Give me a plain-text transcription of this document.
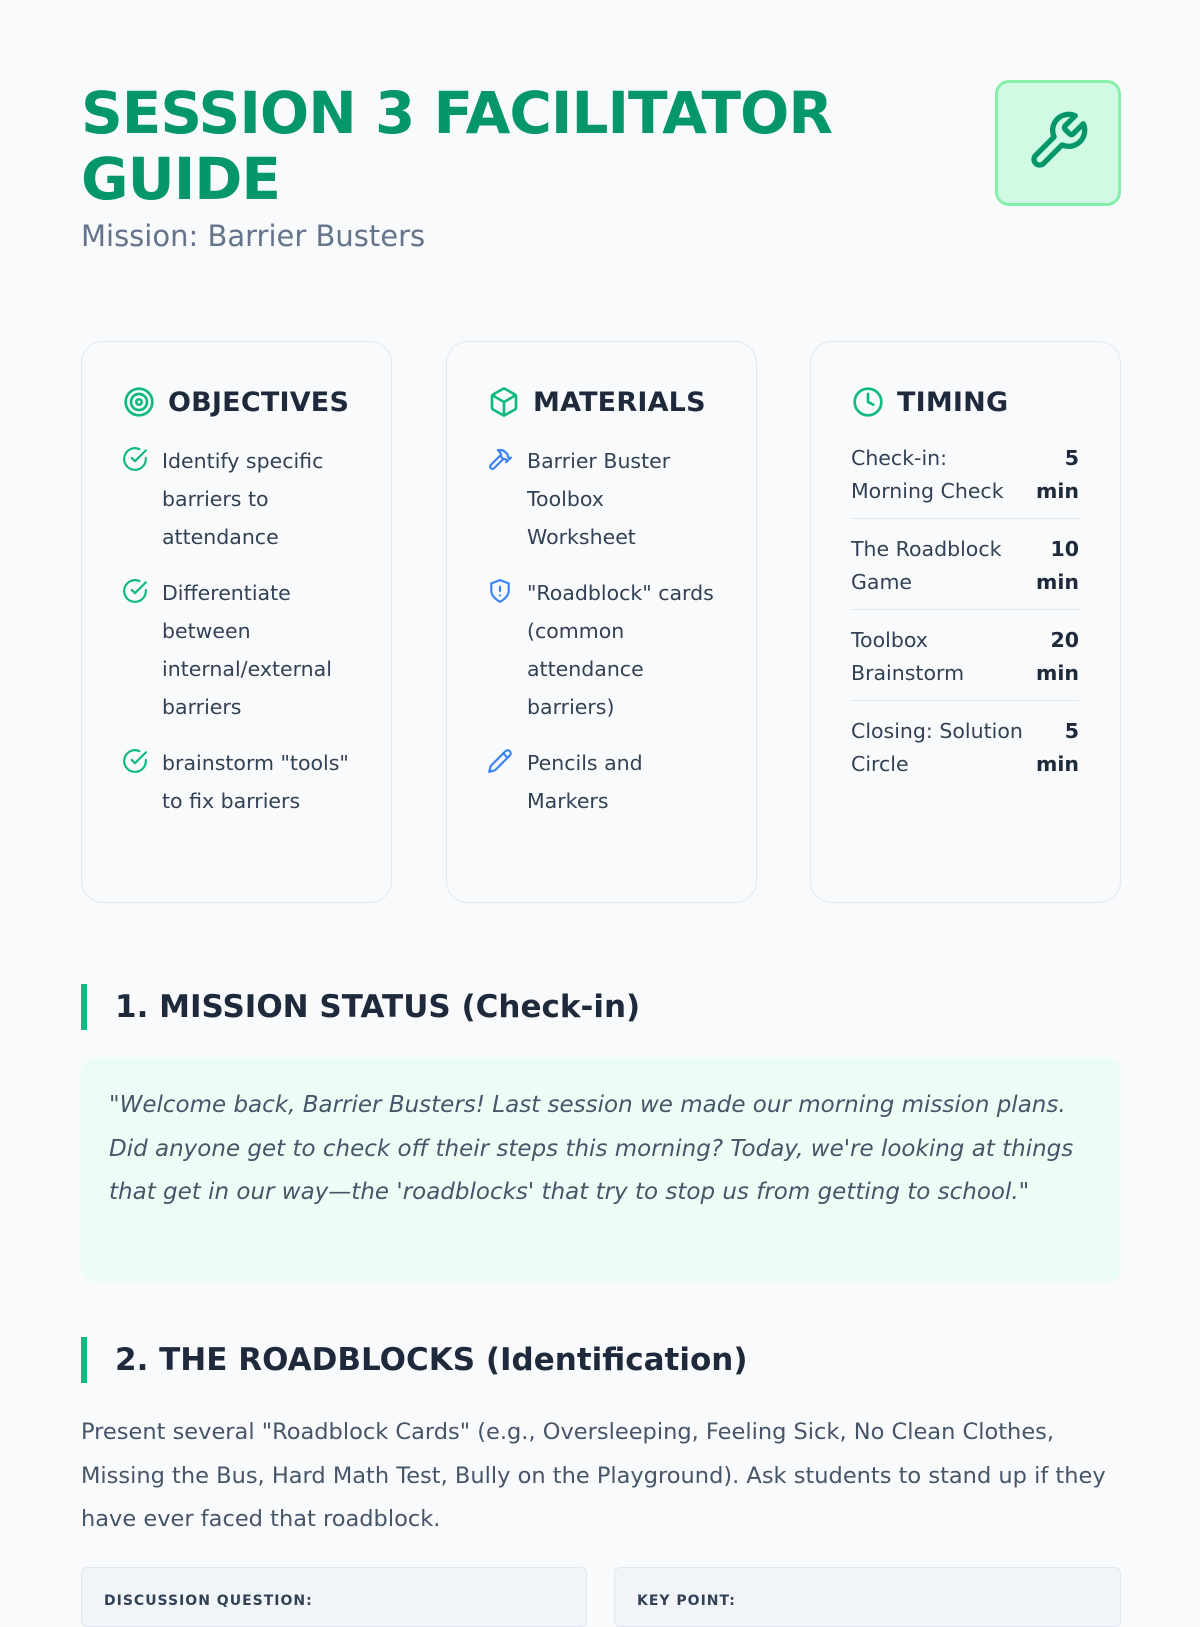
SESSION 3 FACILITATOR GUIDE
Mission: Barrier Busters
OBJECTIVES
Identify specific barriers to attendance
Differentiate between internal/external barriers
brainstorm "tools" to fix barriers
MATERIALS
Barrier Buster Toolbox Worksheet
"Roadblock" cards (common attendance barriers)
Pencils and Markers
TIMING
Check-in: Morning Check
5 min
The Roadblock Game
10 min
Toolbox Brainstorm
20 min
Closing: Solution Circle
5 min
1. MISSION STATUS (Check-in)

"Welcome back, Barrier Busters! Last session we made our morning mission plans. Did anyone get to check off their steps this morning? Today, we're looking at things that get in our way—the 'roadblocks' that try to stop us from getting to school."

2. THE ROADBLOCKS (Identification)

Present several "Roadblock Cards" (e.g., Oversleeping, Feeling Sick, No Clean Clothes, Missing the Bus, Hard Math Test, Bully on the Playground). Ask students to stand up if they have ever faced that roadblock.

DISCUSSION QUESTION:	KEY POINT:
